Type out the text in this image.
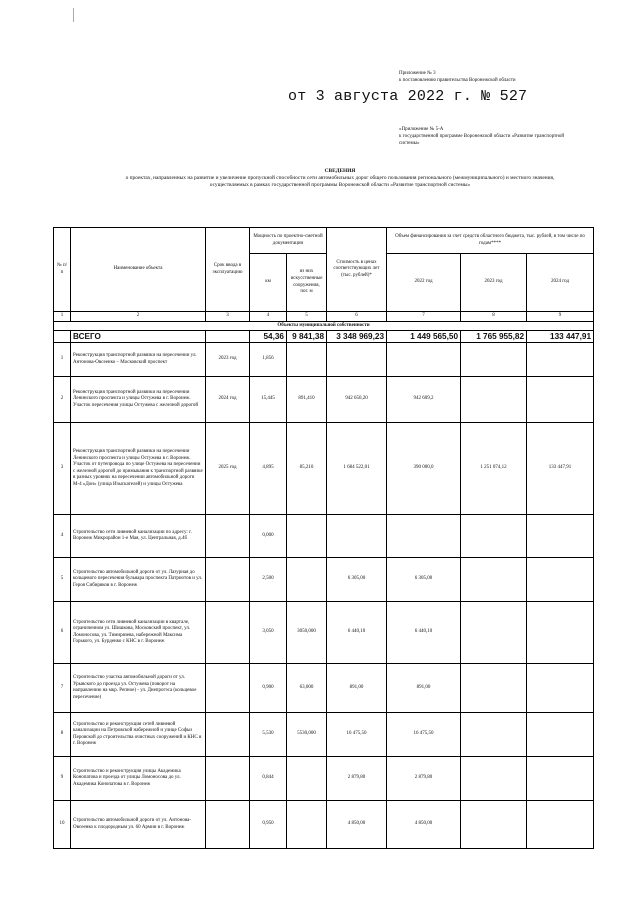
Приложение № 3
к постановлению правительства Воронежской области
от 3 августа 2022 г. № 527
«Приложение № 5-А
к государственной программе Воронежской области «Развитие транспортной системы»
СВЕДЕНИЯ
о проектах, направленных на развитие и увеличение пропускной способности сети автомобильных дорог общего пользования регионального (межмуниципального) и местного значения,
осуществляемых в рамках государственной программы Воронежской области «Развитие транспортной системы»
№ п/п	Наименование объекта	Срок ввода в эксплуатацию	Мощность по проектно-сметной документации		Стоимость в ценах соответствующих лет (тыс. рублей)*	Объем финансирования за счет средств областного бюджета, тыс. рублей, в том числе по годам****		
			км	из них искусственные сооружения, пог. м		2022 год	2023 год	2024 год
1	2	3	4	5	6	7	8	9
Объекты муниципальной собственности								
	ВСЕГО		54,36	9 841,38	3 348 969,23	1 449 565,50	1 765 955,82	133 447,91
1	Реконструкция транспортной развязки на пересечении ул. Антонова-Овсеенко – Московский проспект	2023 год	1,856					
2	Реконструкция транспортной развязки на пересечении Ленинского проспекта и улицы Остужева в г. Воронеж. Участок пересечения улицы Остужева с железной дорогой	2024 год	15,445	891,410	942 650,20	942 609,2		
3	Реконструкция транспортной развязки на пересечении Ленинского проспекта и улицы Остужева в г. Воронеж. Участок от путепровода по улице Остужева на пересечении с железной дорогой до примыкания к транспортной развязке в разных уровнях на пересечении автомобильной дороги М-4 «Дон» (улица Изыскателей) и улицы Остужева	2025 год	4,895	85,210	1 684 522,01	390 000,0	1 251 074,12	133 447,91
4	Строительство сети ливневой канализации по адресу: г. Воронеж Микрорайон 1-е Мая, ул. Центральная, д.4б		0,000					
5	Строительство автомобильной дороги от ул. Лазурная до кольцевого пересечения бульвара проспекта Патриотов и ул. Героя Сибиряков в г. Воронеж		2,500		6 305,00	6 305,00		
6	Строительство сети ливневой канализации в квартале, ограниченном ул. Шишкова, Московский проспект, ул. Ломоносова, ул. Тимирязева, набережной Максима Горького, ул. Бурденко с КНС в г. Воронеж		3,050	3050,000	6 440,10	6 440,10		
7	Строительство участка автомобильной дороги от ул. Урывского до проезда ул. Остужева (поворот на направлению на мкр. Репное) - ул. Днепрогэса (кольцевое пересечение)		0,900	63,000	891,00	891,00		
8	Строительство и реконструкция сетей ливневой канализации на Петровской набережной и улице Софьи Перовской до строительства очистных сооружений и КНС в г. Воронеж		5,530	5530,000	16 475,50	16 475,50		
9	Строительство и реконструкция улицы Академика Конопатова и проезда от улицы Ломоносова до ул. Академика Конопатова в г. Воронеж		0,844		2 879,80	2 879,80		
10	Строительство автомобильной дороги от ул. Антонова-Овсеенко к плодородным ул. 60 Армии в г. Воронеж		0,950		4 850,00	4 850,00		
